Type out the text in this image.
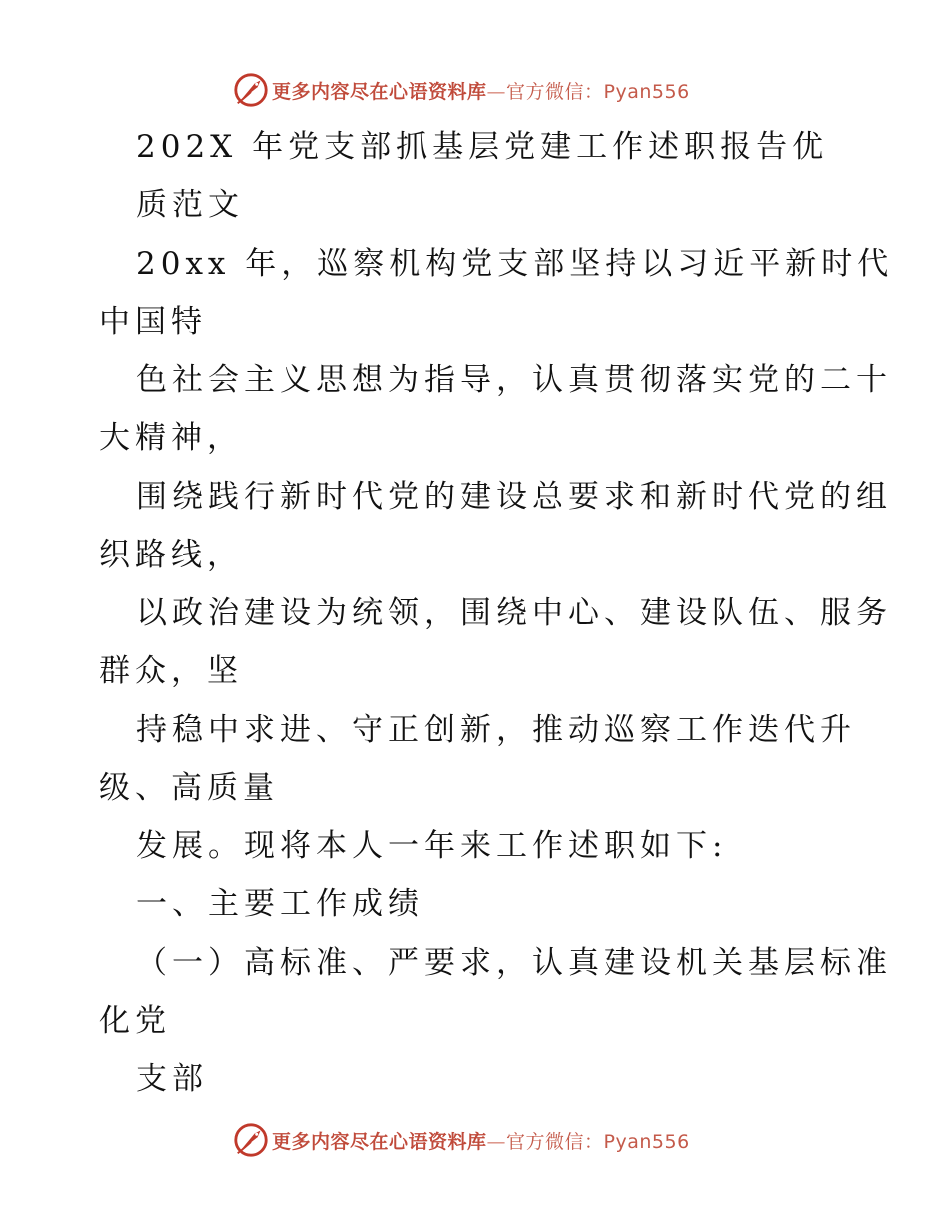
更多内容尽在心语资料库—官方微信：Pyan556

202X 年党支部抓基层党建工作述职报告优

质范文

20xx 年，巡察机构党支部坚持以习近平新时代

中国特

色社会主义思想为指导，认真贯彻落实党的二十

大精神，

围绕践行新时代党的建设总要求和新时代党的组

织路线，

以政治建设为统领，围绕中心、建设队伍、服务

群众，坚

持稳中求进、守正创新，推动巡察工作迭代升

级、高质量

发展。现将本人一年来工作述职如下:

一、主要工作成绩

（一）高标准、严要求，认真建设机关基层标准

化党

支部

更多内容尽在心语资料库—官方微信：Pyan556
